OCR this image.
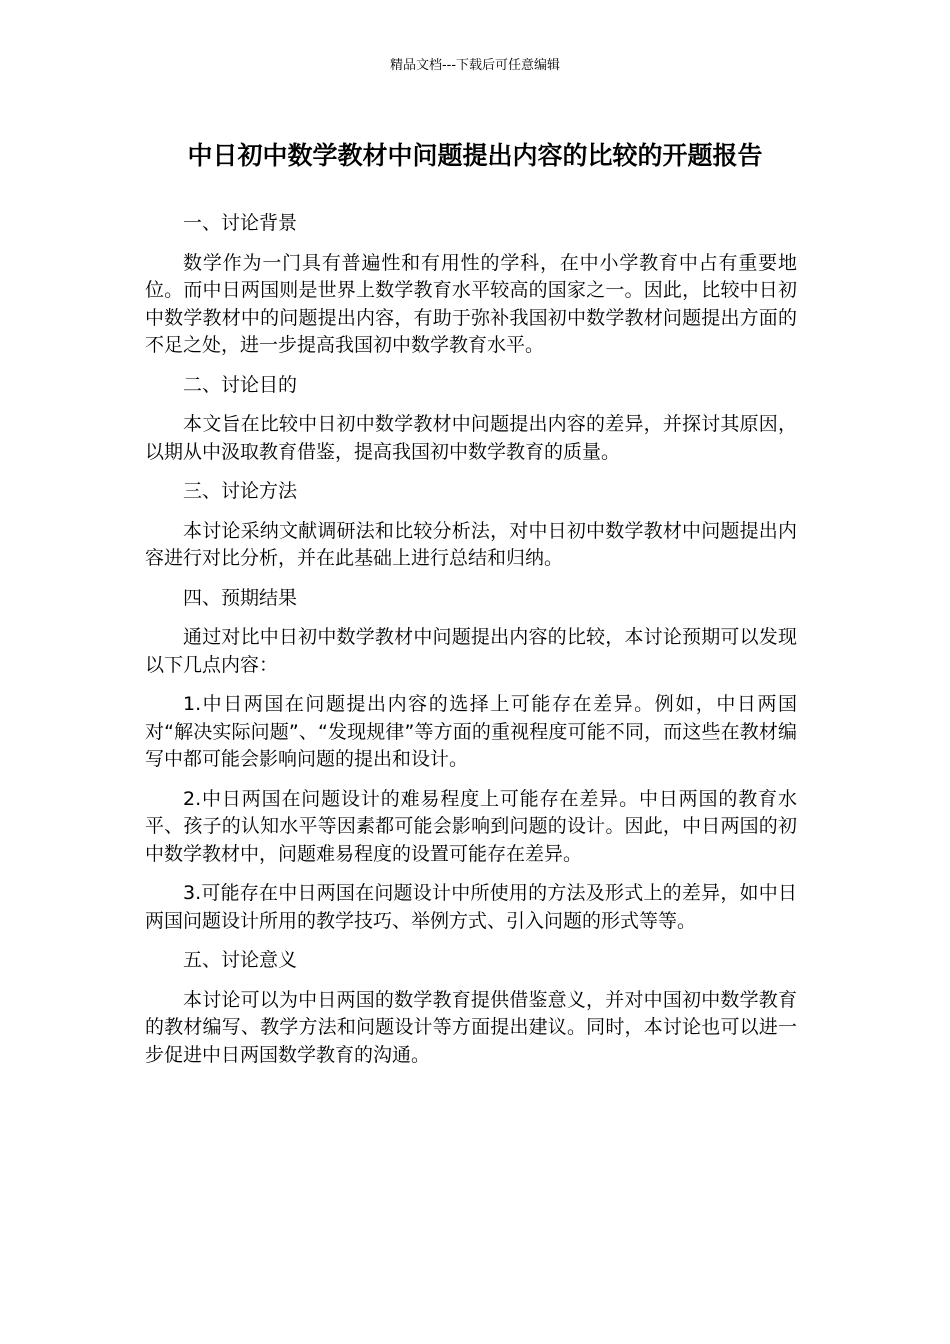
精品文档---下载后可任意编辑
中日初中数学教材中问题提出内容的比较的开题报告

一、讨论背景

数学作为一门具有普遍性和有用性的学科，在中小学教育中占有重要地位。而中日两国则是世界上数学教育水平较高的国家之一。因此，比较中日初中数学教材中的问题提出内容，有助于弥补我国初中数学教材问题提出方面的不足之处，进一步提高我国初中数学教育水平。

二、讨论目的

本文旨在比较中日初中数学教材中问题提出内容的差异，并探讨其原因，以期从中汲取教育借鉴，提高我国初中数学教育的质量。

三、讨论方法

本讨论采纳文献调研法和比较分析法，对中日初中数学教材中问题提出内容进行对比分析，并在此基础上进行总结和归纳。

四、预期结果

通过对比中日初中数学教材中问题提出内容的比较，本讨论预期可以发现以下几点内容：

1.中日两国在问题提出内容的选择上可能存在差异。例如，中日两国对“解决实际问题”、“发现规律”等方面的重视程度可能不同，而这些在教材编写中都可能会影响问题的提出和设计。

2.中日两国在问题设计的难易程度上可能存在差异。中日两国的教育水平、孩子的认知水平等因素都可能会影响到问题的设计。因此，中日两国的初中数学教材中，问题难易程度的设置可能存在差异。

3.可能存在中日两国在问题设计中所使用的方法及形式上的差异，如中日两国问题设计所用的教学技巧、举例方式、引入问题的形式等等。

五、讨论意义

本讨论可以为中日两国的数学教育提供借鉴意义，并对中国初中数学教育的教材编写、教学方法和问题设计等方面提出建议。同时，本讨论也可以进一步促进中日两国数学教育的沟通。
